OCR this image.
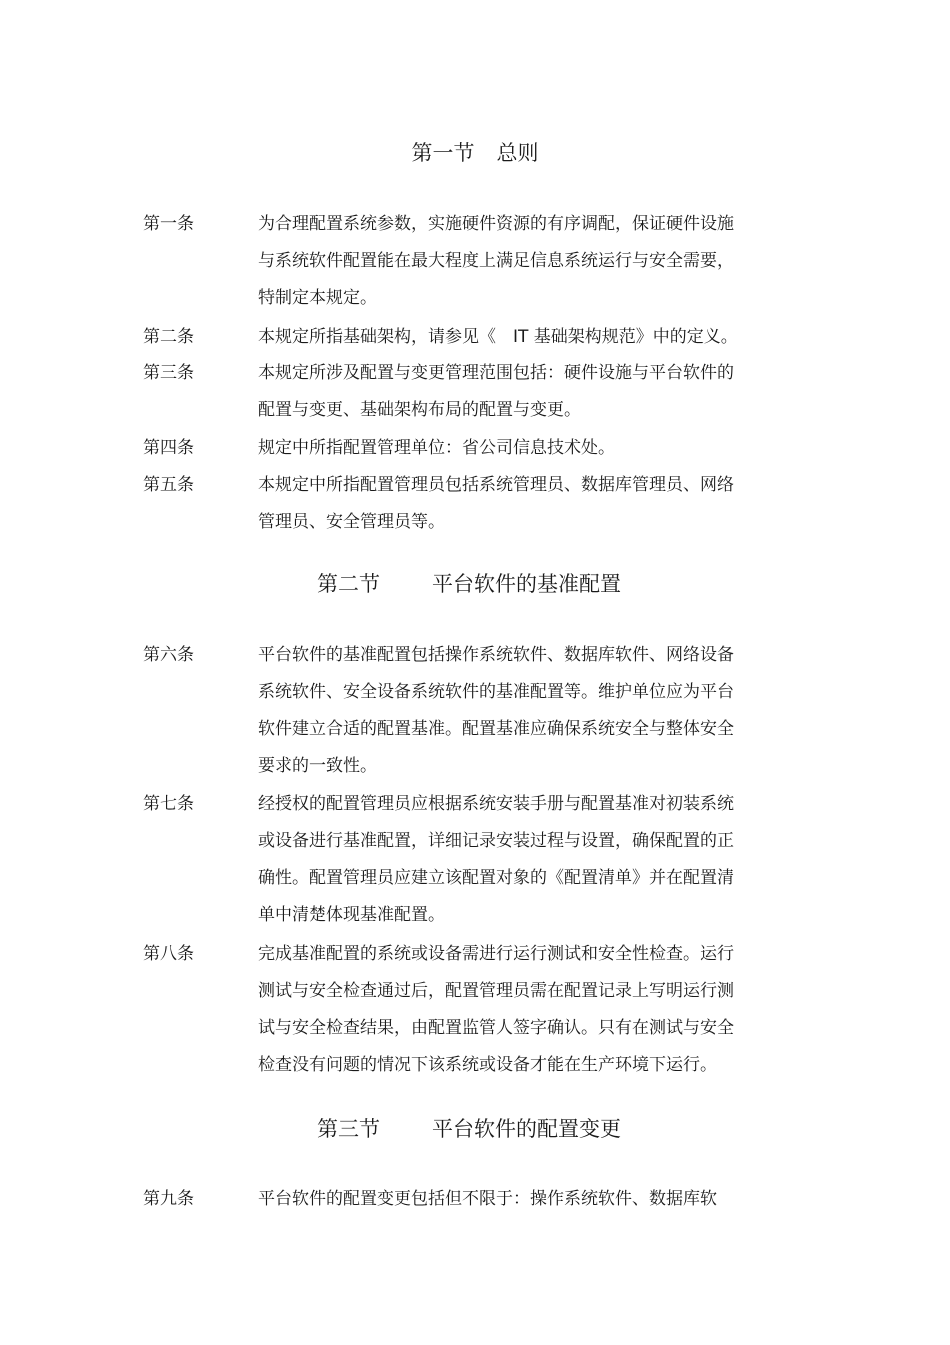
第一节 总则
第一条	为合理配置系统参数，实施硬件资源的有序调配，保证硬件设施
与系统软件配置能在最大程度上满足信息系统运行与安全需要，
特制定本规定。
第二条	本规定所指基础架构，请参见《　IT 基础架构规范》中的定义。
第三条	本规定所涉及配置与变更管理范围包括：硬件设施与平台软件的
配置与变更、基础架构布局的配置与变更。
第四条	规定中所指配置管理单位：省公司信息技术处。
第五条	本规定中所指配置管理员包括系统管理员、数据库管理员、网络
管理员、安全管理员等。
第二节 平台软件的基准配置
第六条	平台软件的基准配置包括操作系统软件、数据库软件、网络设备
系统软件、安全设备系统软件的基准配置等。维护单位应为平台
软件建立合适的配置基准。配置基准应确保系统安全与整体安全
要求的一致性。
第七条	经授权的配置管理员应根据系统安装手册与配置基准对初装系统
或设备进行基准配置，详细记录安装过程与设置，确保配置的正
确性。配置管理员应建立该配置对象的《配置清单》并在配置清
单中清楚体现基准配置。
第八条	完成基准配置的系统或设备需进行运行测试和安全性检查。运行
测试与安全检查通过后，配置管理员需在配置记录上写明运行测
试与安全检查结果，由配置监管人签字确认。只有在测试与安全
检查没有问题的情况下该系统或设备才能在生产环境下运行。
第三节 平台软件的配置变更
第九条	平台软件的配置变更包括但不限于：操作系统软件、数据库软
